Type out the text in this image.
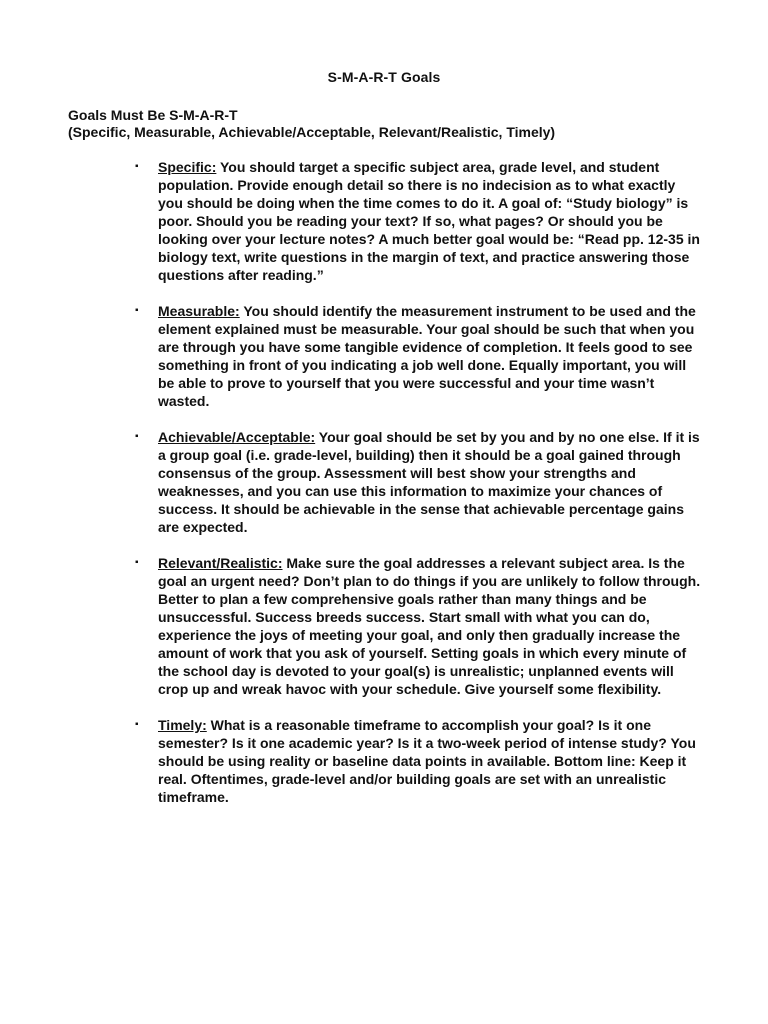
S-M-A-R-T Goals
Goals Must Be S-M-A-R-T
(Specific, Measurable, Achievable/Acceptable, Relevant/Realistic, Timely)
▪ Specific: You should target a specific subject area, grade level, and student population. Provide enough detail so there is no indecision as to what exactly you should be doing when the time comes to do it. A goal of: “Study biology” is poor. Should you be reading your text? If so, what pages? Or should you be looking over your lecture notes? A much better goal would be: “Read pp. 12-35 in biology text, write questions in the margin of text, and practice answering those questions after reading.”
▪ Measurable: You should identify the measurement instrument to be used and the element explained must be measurable. Your goal should be such that when you are through you have some tangible evidence of completion. It feels good to see something in front of you indicating a job well done. Equally important, you will be able to prove to yourself that you were successful and your time wasn’t wasted.
▪ Achievable/Acceptable: Your goal should be set by you and by no one else. If it is a group goal (i.e. grade-level, building) then it should be a goal gained through consensus of the group. Assessment will best show your strengths and weaknesses, and you can use this information to maximize your chances of success. It should be achievable in the sense that achievable percentage gains are expected.
▪ Relevant/Realistic: Make sure the goal addresses a relevant subject area. Is the goal an urgent need? Don’t plan to do things if you are unlikely to follow through. Better to plan a few comprehensive goals rather than many things and be unsuccessful. Success breeds success. Start small with what you can do, experience the joys of meeting your goal, and only then gradually increase the amount of work that you ask of yourself. Setting goals in which every minute of the school day is devoted to your goal(s) is unrealistic; unplanned events will crop up and wreak havoc with your schedule. Give yourself some flexibility.
▪ Timely: What is a reasonable timeframe to accomplish your goal? Is it one semester? Is it one academic year? Is it a two-week period of intense study? You should be using reality or baseline data points in available. Bottom line: Keep it real. Oftentimes, grade-level and/or building goals are set with an unrealistic timeframe.
